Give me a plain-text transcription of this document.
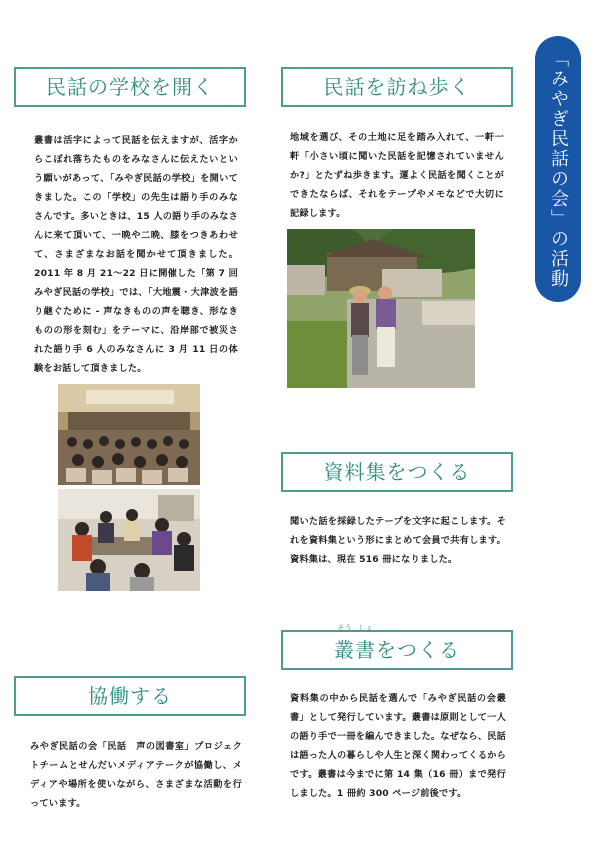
「みやぎ民話の会」の活動
民話の学校を開く
叢書は活字によって民話を伝えますが、活字からこぼれ落ちたものをみなさんに伝えたいという願いがあって、「みやぎ民話の学校」を開いてきました。この「学校」の先生は語り手のみなさんです。多いときは、15 人の語り手のみなさんに来て頂いて、一晩や二晩、膝をつきあわせて、さまざまなお話を聞かせて頂きました。2011 年 8 月 21～22 日に開催した「第 7 回みやぎ民話の学校」では、「大地震・大津波を語り継ぐために - 声なきものの声を聴き、形なきものの形を刻む」をテーマに、沿岸部で被災された語り手 6 人のみなさんに 3 月 11 日の体験をお話して頂きました。
民話を訪ね歩く
地域を選び、その土地に足を踏み入れて、一軒一軒「小さい頃に聞いた民話を記憶されていませんか?」とたずね歩きます。運よく民話を聞くことができたならば、それをテープやメモなどで大切に記録します。
資料集をつくる
聞いた話を採録したテープを文字に起こします。それを資料集という形にまとめて会員で共有します。資料集は、現在 516 冊になりました。
叢
そう
書
しょ
をつくる
資料集の中から民話を選んで「みやぎ民話の会叢書」として発行しています。叢書は原則として一人の語り手で一冊を編んできました。なぜなら、民話は語った人の暮らしや人生と深く関わってくるからです。叢書は今までに第 14 集（16 冊）まで発行しました。1 冊約 300 ページ前後です。
協働する
みやぎ民話の会「民話　声の図書室」プロジェクトチームとせんだいメディアテークが協働し、メディアや場所を使いながら、さまざまな活動を行っています。
